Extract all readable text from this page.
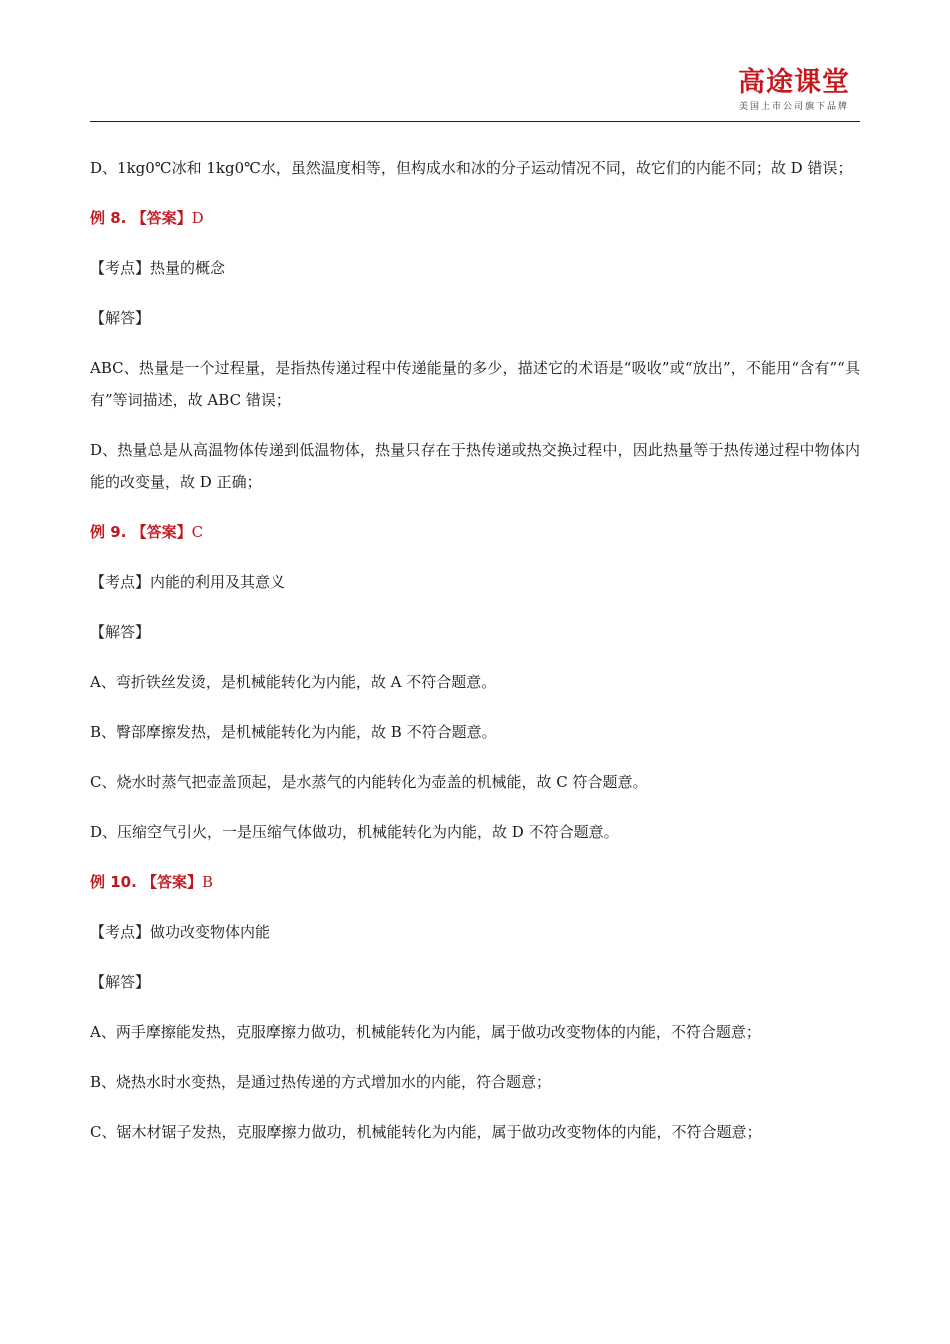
高途课堂
美国上市公司旗下品牌

D、1kg0℃冰和 1kg0℃水，虽然温度相等，但构成水和冰的分子运动情况不同，故它们的内能不同；故 D 错误；

例 8. 【答案】D

【考点】热量的概念

【解答】

ABC、热量是一个过程量，是指热传递过程中传递能量的多少，描述它的术语是“吸收”或“放出”，不能用“含有”“具有”等词描述，故 ABC 错误；

D、热量总是从高温物体传递到低温物体，热量只存在于热传递或热交换过程中，因此热量等于热传递过程中物体内能的改变量，故 D 正确；

例 9. 【答案】C

【考点】内能的利用及其意义

【解答】

A、弯折铁丝发烫，是机械能转化为内能，故 A 不符合题意。

B、臀部摩擦发热，是机械能转化为内能，故 B 不符合题意。

C、烧水时蒸气把壶盖顶起，是水蒸气的内能转化为壶盖的机械能，故 C 符合题意。

D、压缩空气引火，一是压缩气体做功，机械能转化为内能，故 D 不符合题意。

例 10. 【答案】B

【考点】做功改变物体内能

【解答】

A、两手摩擦能发热，克服摩擦力做功，机械能转化为内能，属于做功改变物体的内能，不符合题意；

B、烧热水时水变热，是通过热传递的方式增加水的内能，符合题意；

C、锯木材锯子发热，克服摩擦力做功，机械能转化为内能，属于做功改变物体的内能，不符合题意；
